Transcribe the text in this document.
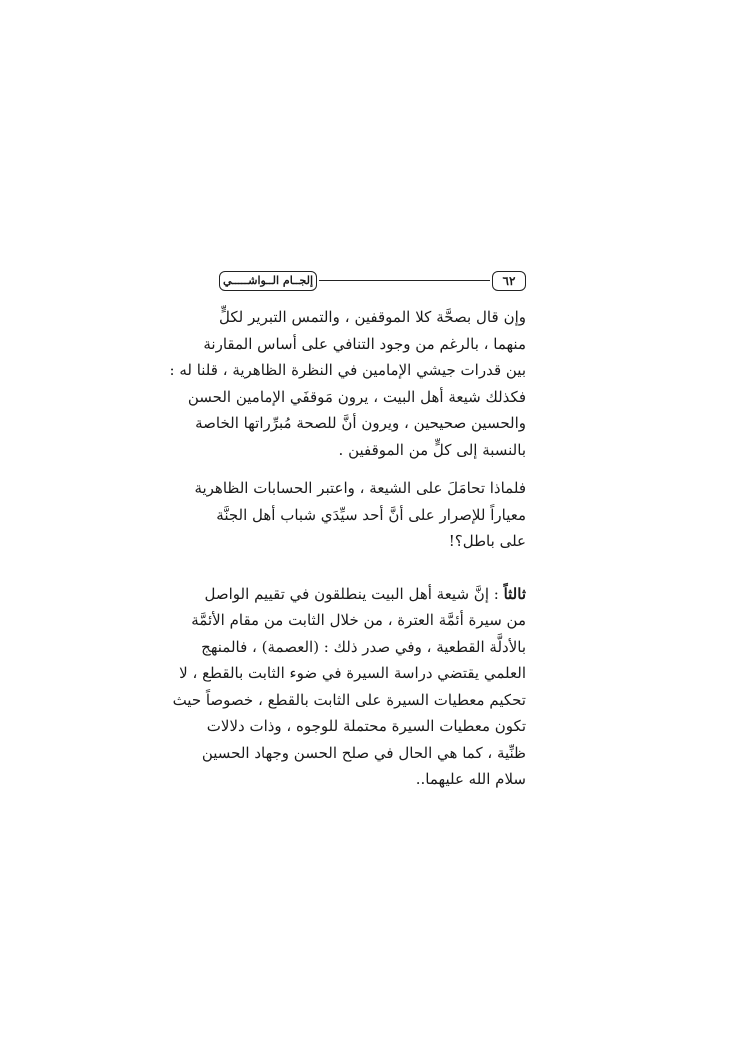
إلجــام الــواشـــــي	٦٢
وإن قال بصحَّة كلا الموقفين ، والتمس التبرير لكلٍّ
منهما ، بالرغم من وجود التنافي على أساس المقارنة
بين قدرات جيشي الإمامين في النظرة الظاهرية ، قلنا له :
فكذلك شيعة أهل البيت ، يرون مَوقفَي الإمامين الحسن
والحسين صحيحين ، ويرون أنَّ للصحة مُبرِّراتها الخاصة
بالنسبة إلى كلٍّ من الموقفين .
فلماذا تحامَلَ على الشيعة ، واعتبر الحسابات الظاهرية
معياراً للإصرار على أنَّ أحد سيِّدَي شباب أهل الجنَّة
على باطل؟!
ثالثاً : إنَّ شيعة أهل البيت ينطلقون في تقييم الواصل
من سيرة أئمَّة العترة ، من خلال الثابت من مقام الأئمَّة
بالأدلَّة القطعية ، وفي صدر ذلك : (العصمة) ، فالمنهج
العلمي يقتضي دراسة السيرة في ضوء الثابت بالقطع ، لا
تحكيم معطيات السيرة على الثابت بالقطع ، خصوصاً حيث
تكون معطيات السيرة محتملة للوجوه ، وذات دلالات
ظنِّية ، كما هي الحال في صلح الحسن وجهاد الحسين
سلام الله عليهما..
